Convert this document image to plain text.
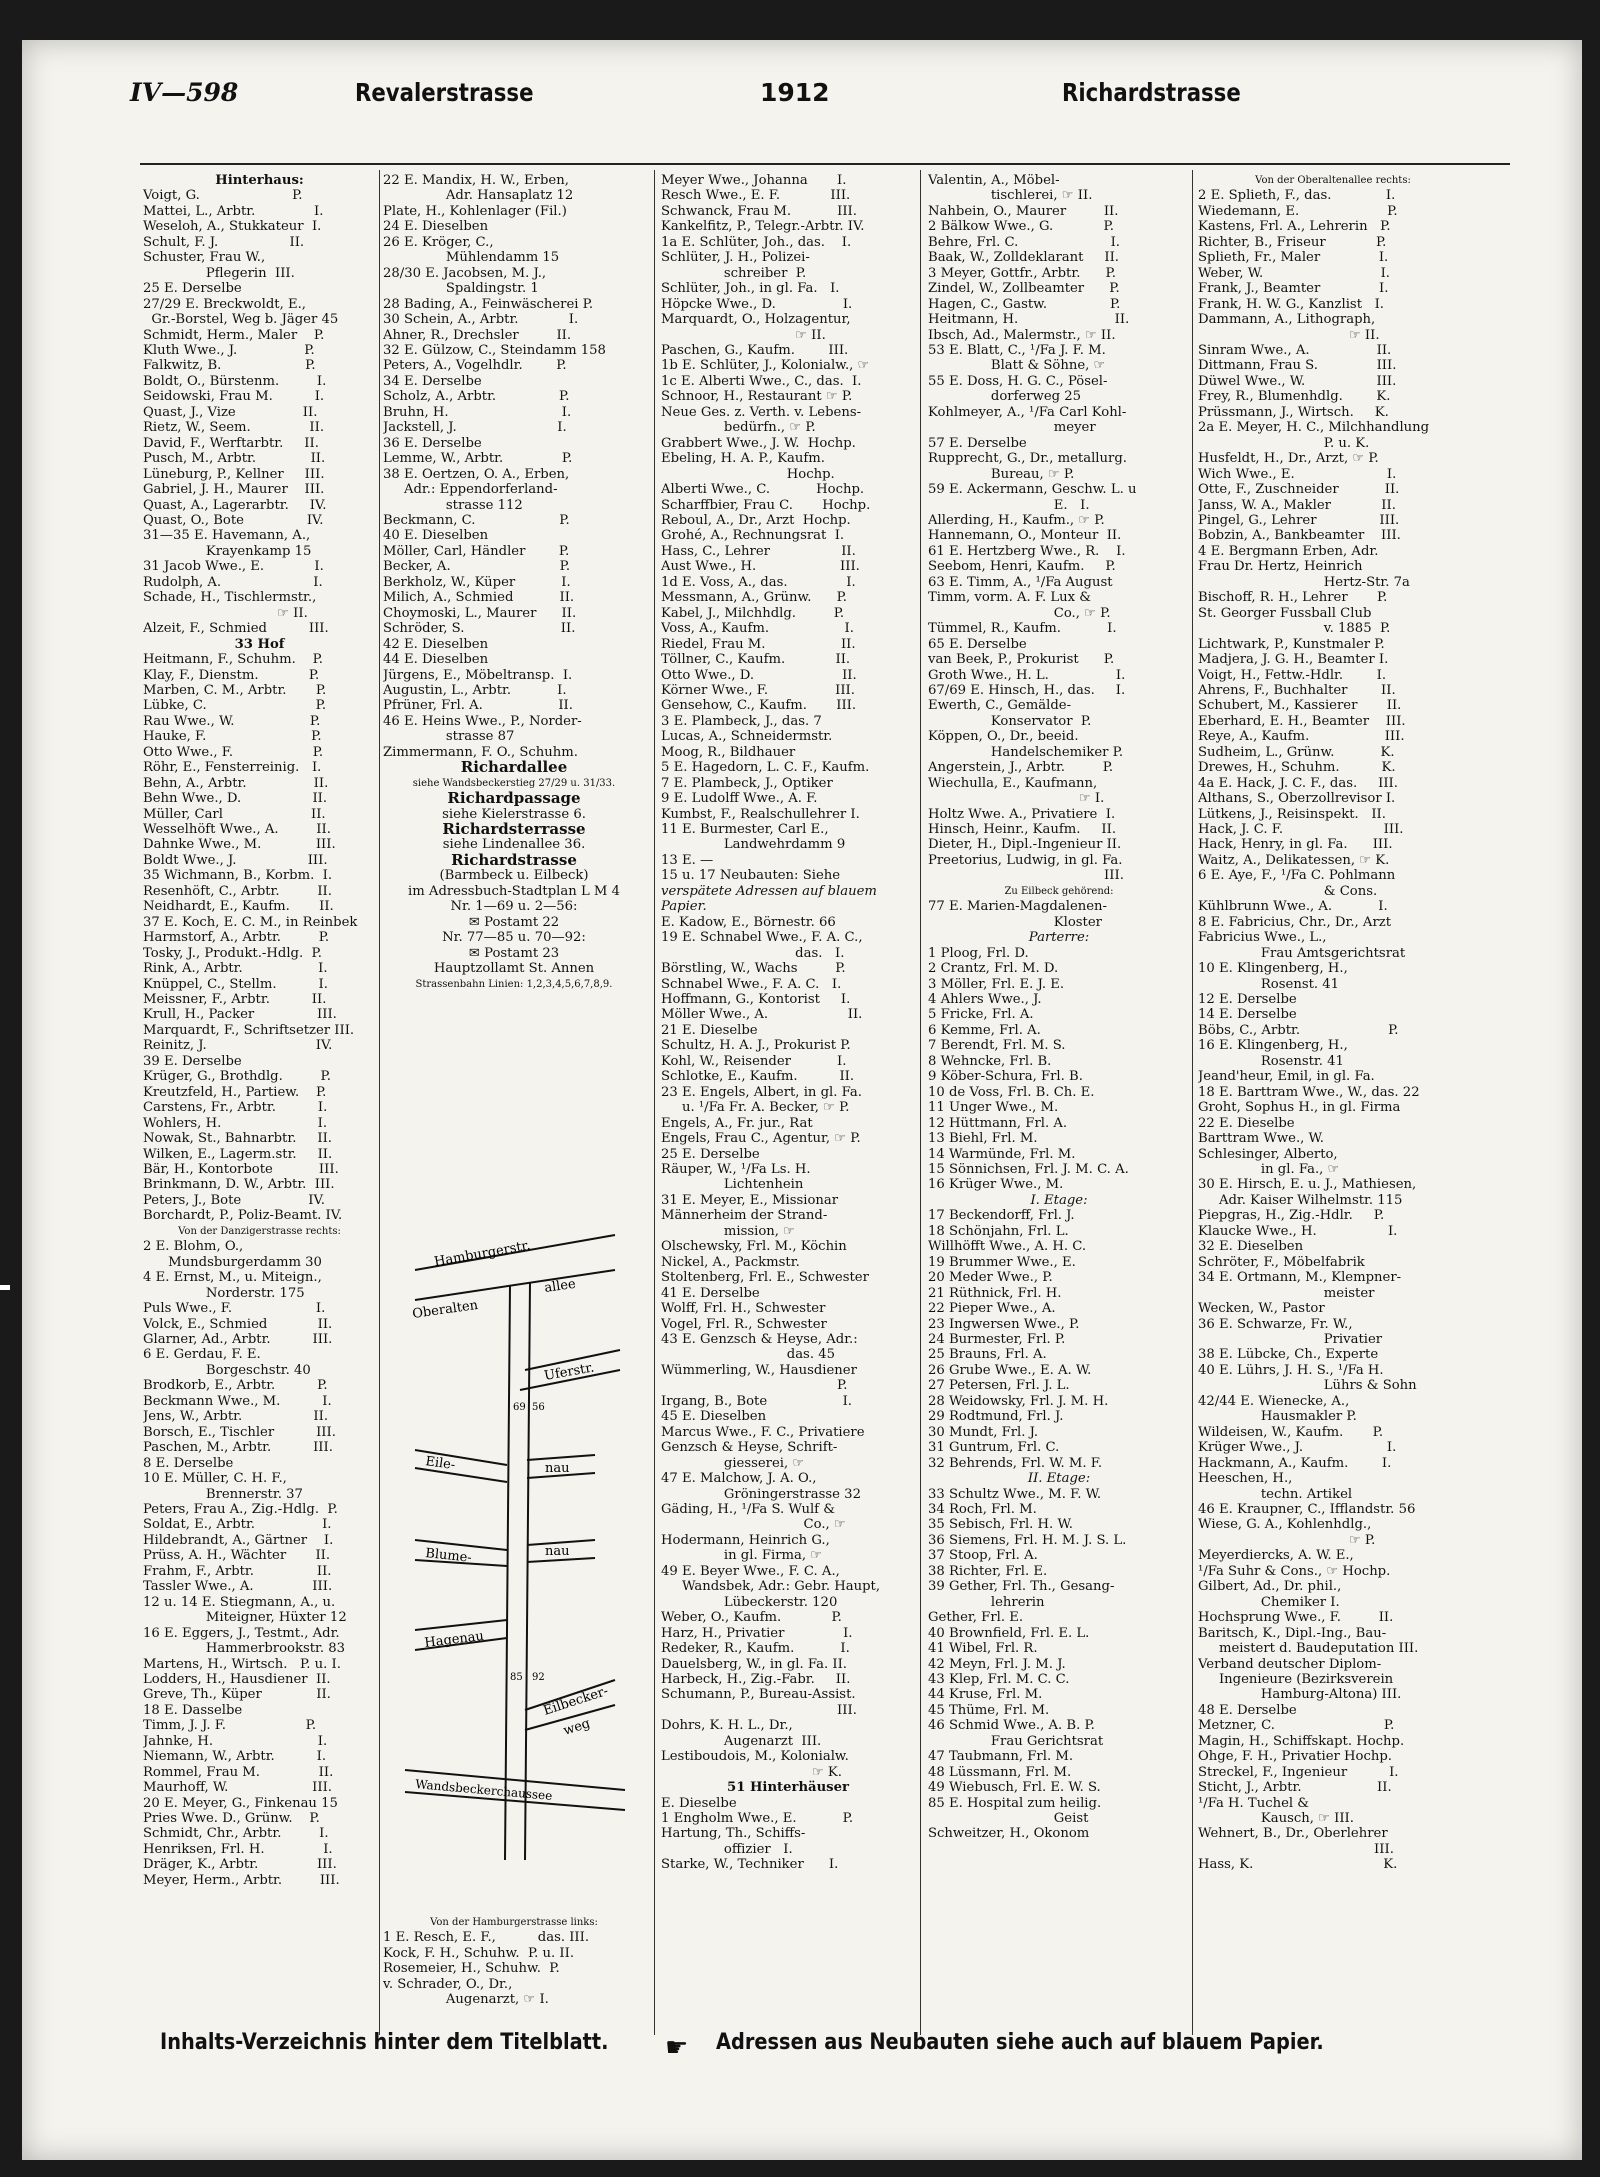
IV—598	Revalerstrasse	1912	Richardstrasse
Hinterhaus:
Voigt, G.                      P.
Mattei, L., Arbtr.              I.
Weseloh, A., Stukkateur  I.
Schult, F. J.                 II.
Schuster, Frau W.,
Pflegerin  III.
25 E. Derselbe
27/29 E. Breckwoldt, E.,
Gr.-Borstel, Weg b. Jäger 45
Schmidt, Herm., Maler    P.
Kluth Wwe., J.                P.
Falkwitz, B.                    P.
Boldt, O., Bürstenm.         I.
Seidowski, Frau M.          I.
Quast, J., Vize                II.
Rietz, W., Seem.              II.
David, F., Werftarbtr.     II.
Pusch, M., Arbtr.             II.
Lüneburg, P., Kellner     III.
Gabriel, J. H., Maurer    III.
Quast, A., Lagerarbtr.     IV.
Quast, O., Bote               IV.
31—35 E. Havemann, A.,
Krayenkamp 15
31 Jacob Wwe., E.            I.
Rudolph, A.                      I.
Schade, H., Tischlermstr.,
☞ II.
Alzeit, F., Schmied          III.
33 Hof
Heitmann, F., Schuhm.    P.
Klay, F., Dienstm.            P.
Marben, C. M., Arbtr.       P.
Lübke, C.                          P.
Rau Wwe., W.                  P.
Hauke, F.                         P.
Otto Wwe., F.                   P.
Röhr, E., Fensterreinig.   I.
Behn, A., Arbtr.                II.
Behn Wwe., D.                 II.
Müller, Carl                     II.
Wesselhöft Wwe., A.         II.
Dahnke Wwe., M.             III.
Boldt Wwe., J.                 III.
35 Wichmann, B., Korbm.  I.
Resenhöft, C., Arbtr.         II.
Neidhardt, E., Kaufm.       II.
37 E. Koch, E. C. M., in Reinbek
Harmstorf, A., Arbtr.         P.
Tosky, J., Produkt.-Hdlg.  P.
Rink, A., Arbtr.                  I.
Knüppel, C., Stellm.          I.
Meissner, F., Arbtr.          II.
Krull, H., Packer               III.
Marquardt, F., Schriftsetzer III.
Reinitz, J.                          IV.
39 E. Derselbe
Krüger, G., Brothdlg.         P.
Kreutzfeld, H., Partiew.    P.
Carstens, Fr., Arbtr.          I.
Wohlers, H.                       I.
Nowak, St., Bahnarbtr.     II.
Wilken, E., Lagerm.str.     II.
Bär, H., Kontorbote           III.
Brinkmann, D. W., Arbtr.  III.
Peters, J., Bote                IV.
Borchardt, P., Poliz-Beamt. IV.
Von der Danzigerstrasse rechts:
2 E. Blohm, O.,
Mundsburgerdamm 30
4 E. Ernst, M., u. Miteign.,
Norderstr. 175
Puls Wwe., F.                    I.
Volck, E., Schmied            II.
Glarner, Ad., Arbtr.          III.
6 E. Gerdau, F. E.
Borgeschstr. 40
Brodkorb, E., Arbtr.          P.
Beckmann Wwe., M.          I.
Jens, W., Arbtr.                 II.
Borsch, E., Tischler          III.
Paschen, M., Arbtr.          III.
8 E. Derselbe
10 E. Müller, C. H. F.,
Brennerstr. 37
Peters, Frau A., Zig.-Hdlg.  P.
Soldat, E., Arbtr.                I.
Hildebrandt, A., Gärtner    I.
Prüss, A. H., Wächter       II.
Frahm, F., Arbtr.               II.
Tassler Wwe., A.              III.
12 u. 14 E. Stiegmann, A., u.
Miteigner, Hüxter 12
16 E. Eggers, J., Testmt., Adr.
Hammerbrookstr. 83
Martens, H., Wirtsch.   P. u. I.
Lodders, H., Hausdiener  II.
Greve, Th., Küper             II.
18 E. Dasselbe
Timm, J. J. F.                   P.
Jahnke, H.                         I.
Niemann, W., Arbtr.          I.
Rommel, Frau M.              II.
Maurhoff, W.                    III.
20 E. Meyer, G., Finkenau 15
Pries Wwe. D., Grünw.    P.
Schmidt, Chr., Arbtr.         I.
Henriksen, Frl. H.              I.
Dräger, K., Arbtr.              III.
Meyer, Herm., Arbtr.         III.
22 E. Mandix, H. W., Erben,
Adr. Hansaplatz 12
Plate, H., Kohlenlager (Fil.)
24 E. Dieselben
26 E. Kröger, C.,
Mühlendamm 15
28/30 E. Jacobsen, M. J.,
Spaldingstr. 1
28 Bading, A., Feinwäscherei P.
30 Schein, A., Arbtr.            I.
Ahner, R., Drechsler         II.
32 E. Gülzow, C., Steindamm 158
Peters, A., Vogelhdlr.        P.
34 E. Derselbe
Scholz, A., Arbtr.               P.
Bruhn, H.                           I.
Jackstell, J.                        I.
36 E. Derselbe
Lemme, W., Arbtr.              P.
38 E. Oertzen, O. A., Erben,
Adr.: Eppendorferland-
strasse 112
Beckmann, C.                    P.
40 E. Dieselben
Möller, Carl, Händler        P.
Becker, A.                          P.
Berkholz, W., Küper           I.
Milich, A., Schmied           II.
Choymoski, L., Maurer      II.
Schröder, S.                       II.
42 E. Dieselben
44 E. Dieselben
Jürgens, E., Möbeltransp.  I.
Augustin, L., Arbtr.           I.
Pfrüner, Frl. A.                  II.
46 E. Heins Wwe., P., Norder-
strasse 87
Zimmermann, F. O., Schuhm.
Richardallee
siehe Wandsbeckerstieg 27/29 u. 31/33.
Richardpassage
siehe Kielerstrasse 6.
Richardsterrasse
siehe Lindenallee 36.
Richardstrasse
(Barmbeck u. Eilbeck)
im Adressbuch-Stadtplan L M 4
Nr. 1—69 u. 2—56:
✉ Postamt 22
Nr. 77—85 u. 70—92:
✉ Postamt 23
Hauptzollamt St. Annen
Strassenbahn Linien: 1,2,3,4,5,6,7,8,9.
Meyer Wwe., Johanna       I.
Resch Wwe., E. F.            III.
Schwanck, Frau M.           III.
Kankelfitz, P., Telegr.-Arbtr. IV.
1a E. Schlüter, Joh., das.    I.
Schlüter, J. H., Polizei-
schreiber  P.
Schlüter, Joh., in gl. Fa.   I.
Höpcke Wwe., D.                I.
Marquardt, O., Holzagentur,
☞ II.
Paschen, G., Kaufm.        III.
1b E. Schlüter, J., Kolonialw., ☞
1c E. Alberti Wwe., C., das.  I.
Schnoor, H., Restaurant ☞ P.
Neue Ges. z. Verth. v. Lebens-
bedürfn., ☞ P.
Grabbert Wwe., J. W.  Hochp.
Ebeling, H. A. P., Kaufm.
Hochp.
Alberti Wwe., C.           Hochp.
Scharffbier, Frau C.       Hochp.
Reboul, A., Dr., Arzt  Hochp.
Grohé, A., Rechnungsrat  I.
Hass, C., Lehrer                 II.
Aust Wwe., H.                    III.
1d E. Voss, A., das.              I.
Messmann, A., Grünw.      P.
Kabel, J., Milchhdlg.         P.
Voss, A., Kaufm.                  I.
Riedel, Frau M.                  II.
Töllner, C., Kaufm.            II.
Otto Wwe., D.                     II.
Körner Wwe., F.                III.
Gensehow, C., Kaufm.       III.
3 E. Plambeck, J., das. 7
Lucas, A., Schneidermstr.
Moog, R., Bildhauer
5 E. Hagedorn, L. C. F., Kaufm.
7 E. Plambeck, J., Optiker
9 E. Ludolff Wwe., A. F.
Kumbst, F., Realschullehrer I.
11 E. Burmester, Carl E.,
Landwehrdamm 9
13 E. —
15 u. 17 Neubauten: Siehe
verspätete Adressen auf blauem
Papier.
E. Kadow, E., Börnestr. 66
19 E. Schnabel Wwe., F. A. C.,
das.   I.
Börstling, W., Wachs         P.
Schnabel Wwe., F. A. C.   I.
Hoffmann, G., Kontorist     I.
Möller Wwe., A.                   II.
21 E. Dieselbe
Schultz, H. A. J., Prokurist P.
Kohl, W., Reisender           I.
Schlotke, E., Kaufm.          II.
23 E. Engels, Albert, in gl. Fa.
u. ¹/Fa Fr. A. Becker, ☞ P.
Engels, A., Fr. jur., Rat
Engels, Frau C., Agentur, ☞ P.
25 E. Derselbe
Räuper, W., ¹/Fa Ls. H.
Lichtenhein
31 E. Meyer, E., Missionar
Männerheim der Strand-
mission, ☞
Olschewsky, Frl. M., Köchin
Nickel, A., Packmstr.
Stoltenberg, Frl. E., Schwester
41 E. Derselbe
Wolff, Frl. H., Schwester
Vogel, Frl. R., Schwester
43 E. Genzsch & Heyse, Adr.:
das. 45
Wümmerling, W., Hausdiener
P.
Irgang, B., Bote                  I.
45 E. Dieselben
Marcus Wwe., F. C., Privatiere
Genzsch & Heyse, Schrift-
giesserei, ☞
47 E. Malchow, J. A. O.,
Gröningerstrasse 32
Gäding, H., ¹/Fa S. Wulf &
Co., ☞
Hodermann, Heinrich G.,
in gl. Firma, ☞
49 E. Beyer Wwe., F. C. A.,
Wandsbek, Adr.: Gebr. Haupt,
Lübeckerstr. 120
Weber, O., Kaufm.            P.
Harz, H., Privatier              I.
Redeker, R., Kaufm.           I.
Dauelsberg, W., in gl. Fa. II.
Harbeck, H., Zig.-Fabr.     II.
Schumann, P., Bureau-Assist.
III.
Dohrs, K. H. L., Dr.,
Augenarzt  III.
Lestiboudois, M., Kolonialw.
☞ K.
51 Hinterhäuser
E. Dieselbe
1 Engholm Wwe., E.           P.
Hartung, Th., Schiffs-
offizier   I.
Starke, W., Techniker      I.
Valentin, A., Möbel-
tischlerei, ☞ II.
Nahbein, O., Maurer         II.
2 Bälkow Wwe., G.            P.
Behre, Frl. C.                      I.
Baak, W., Zolldeklarant     II.
3 Meyer, Gottfr., Arbtr.      P.
Zindel, W., Zollbeamter      P.
Hagen, C., Gastw.               P.
Heitmann, H.                       II.
Ibsch, Ad., Malermstr., ☞ II.
53 E. Blatt, C., ¹/Fa J. F. M.
Blatt & Söhne, ☞
55 E. Doss, H. G. C., Pösel-
dorferweg 25
Kohlmeyer, A., ¹/Fa Carl Kohl-
meyer
57 E. Derselbe
Rupprecht, G., Dr., metallurg.
Bureau, ☞ P.
59 E. Ackermann, Geschw. L. u
E.   I.
Allerding, H., Kaufm., ☞ P.
Hannemann, O., Monteur  II.
61 E. Hertzberg Wwe., R.    I.
Seebom, Henri, Kaufm.     P.
63 E. Timm, A., ¹/Fa August
Timm, vorm. A. F. Lux &
Co., ☞ P.
Tümmel, R., Kaufm.           I.
65 E. Derselbe
van Beek, P., Prokurist      P.
Groth Wwe., H. L.                I.
67/69 E. Hinsch, H., das.     I.
Ewerth, C., Gemälde-
Konservator  P.
Köppen, O., Dr., beeid.
Handelschemiker P.
Angerstein, J., Arbtr.         P.
Wiechulla, E., Kaufmann,
☞ I.
Holtz Wwe. A., Privatiere  I.
Hinsch, Heinr., Kaufm.     II.
Dieter, H., Dipl.-Ingenieur II.
Preetorius, Ludwig, in gl. Fa.
III.
Zu Eilbeck gehörend:
77 E. Marien-Magdalenen-
Kloster
Parterre:
1 Ploog, Frl. D.
2 Crantz, Frl. M. D.
3 Möller, Frl. E. J. E.
4 Ahlers Wwe., J.
5 Fricke, Frl. A.
6 Kemme, Frl. A.
7 Berendt, Frl. M. S.
8 Wehncke, Frl. B.
9 Köber-Schura, Frl. B.
10 de Voss, Frl. B. Ch. E.
11 Unger Wwe., M.
12 Hüttmann, Frl. A.
13 Biehl, Frl. M.
14 Warmünde, Frl. M.
15 Sönnichsen, Frl. J. M. C. A.
16 Krüger Wwe., M.
I. Etage:
17 Beckendorff, Frl. J.
18 Schönjahn, Frl. L.
Willhöfft Wwe., A. H. C.
19 Brummer Wwe., E.
20 Meder Wwe., P.
21 Rüthnick, Frl. H.
22 Pieper Wwe., A.
23 Ingwersen Wwe., P.
24 Burmester, Frl. P.
25 Brauns, Frl. A.
26 Grube Wwe., E. A. W.
27 Petersen, Frl. J. L.
28 Weidowsky, Frl. J. M. H.
29 Rodtmund, Frl. J.
30 Mundt, Frl. J.
31 Guntrum, Frl. C.
32 Behrends, Frl. W. M. F.
II. Etage:
33 Schultz Wwe., M. F. W.
34 Roch, Frl. M.
35 Sebisch, Frl. H. W.
36 Siemens, Frl. H. M. J. S. L.
37 Stoop, Frl. A.
38 Richter, Frl. E.
39 Gether, Frl. Th., Gesang-
lehrerin
Gether, Frl. E.
40 Brownfield, Frl. E. L.
41 Wibel, Frl. R.
42 Meyn, Frl. J. M. J.
43 Klep, Frl. M. C. C.
44 Kruse, Frl. M.
45 Thüme, Frl. M.
46 Schmid Wwe., A. B. P.
Frau Gerichtsrat
47 Taubmann, Frl. M.
48 Lüssmann, Frl. M.
49 Wiebusch, Frl. E. W. S.
85 E. Hospital zum heilig.
Geist
Schweitzer, H., Ökonom
Von der Oberaltenallee rechts:
2 E. Splieth, F., das.             I.
Wiedemann, E.                     P.
Kastens, Frl. A., Lehrerin   P.
Richter, B., Friseur            P.
Splieth, Fr., Maler              I.
Weber, W.                            I.
Frank, J., Beamter              I.
Frank, H. W. G., Kanzlist   I.
Dammann, A., Lithograph,
☞ II.
Sinram Wwe., A.                II.
Dittmann, Frau S.              III.
Düwel Wwe., W.                 III.
Frey, R., Blumenhdlg.        K.
Prüssmann, J., Wirtsch.     K.
2a E. Meyer, H. C., Milchhandlung
P. u. K.
Husfeldt, H., Dr., Arzt, ☞ P.
Wich Wwe., E.                      I.
Otte, F., Zuschneider           II.
Janss, W. A., Makler            II.
Pingel, G., Lehrer               III.
Bobzin, A., Bankbeamter    III.
4 E. Bergmann Erben, Adr.
Frau Dr. Hertz, Heinrich
Hertz-Str. 7a
Bischoff, R. H., Lehrer       P.
St. Georger Fussball Club
v. 1885  P.
Lichtwark, P., Kunstmaler P.
Madjera, J. G. H., Beamter I.
Voigt, H., Fettw.-Hdlr.        I.
Ahrens, F., Buchhalter        II.
Schubert, M., Kassierer       II.
Eberhard, E. H., Beamter    III.
Reye, A., Kaufm.                  III.
Sudheim, L., Grünw.           K.
Drewes, H., Schuhm.          K.
4a E. Hack, J. C. F., das.     III.
Althans, S., Oberzollrevisor I.
Lütkens, J., Reisinspekt.   II.
Hack, J. C. F.                        III.
Hack, Henry, in gl. Fa.      III.
Waitz, A., Delikatessen, ☞ K.
6 E. Aye, F., ¹/Fa C. Pohlmann
& Cons.
Kühlbrunn Wwe., A.           I.
8 E. Fabricius, Chr., Dr., Arzt
Fabricius Wwe., L.,
Frau Amtsgerichtsrat
10 E. Klingenberg, H.,
Rosenst. 41
12 E. Derselbe
14 E. Derselbe
Böbs, C., Arbtr.                     P.
16 E. Klingenberg, H.,
Rosenstr. 41
Jeand'heur, Emil, in gl. Fa.
18 E. Barttram Wwe., W., das. 22
Groht, Sophus H., in gl. Firma
22 E. Dieselbe
Barttram Wwe., W.
Schlesinger, Alberto,
in gl. Fa., ☞
30 E. Hirsch, E. u. J., Mathiesen,
Adr. Kaiser Wilhelmstr. 115
Piepgras, H., Zig.-Hdlr.     P.
Klaucke Wwe., H.                 I.
32 E. Dieselben
Schröter, F., Möbelfabrik
34 E. Ortmann, M., Klempner-
meister
Wecken, W., Pastor
36 E. Schwarze, Fr. W.,
Privatier
38 E. Lübcke, Ch., Experte
40 E. Lührs, J. H. S., ¹/Fa H.
Lührs & Sohn
42/44 E. Wienecke, A.,
Hausmakler P.
Wildeisen, W., Kaufm.       P.
Krüger Wwe., J.                    I.
Hackmann, A., Kaufm.        I.
Heeschen, H.,
techn. Artikel
46 E. Kraupner, C., Ifflandstr. 56
Wiese, G. A., Kohlenhdlg.,
☞ P.
Meyerdiercks, A. W. E.,
¹/Fa Suhr & Cons., ☞ Hochp.
Gilbert, Ad., Dr. phil.,
Chemiker I.
Hochsprung Wwe., F.         II.
Baritsch, K., Dipl.-Ing., Bau-
meistert d. Baudeputation III.
Verband deutscher Diplom-
Ingenieure (Bezirksverein
Hamburg-Altona) III.
48 E. Derselbe
Metzner, C.                          P.
Magin, H., Schiffskapt. Hochp.
Ohge, F. H., Privatier Hochp.
Streckel, F., Ingenieur          I.
Sticht, J., Arbtr.                  II.
¹/Fa H. Tuchel &
Kausch, ☞ III.
Wehnert, B., Dr., Oberlehrer
III.
Hass, K.                               K.
Hamburgerstr.
Oberalten
allee
Uferstr.
Eile-	nau
Blume-	nau
Hagenau
Eilbecker-
weg
Wandsbeckerchaussee
69
85
56
92
Von der Hamburgerstrasse links:
1 E. Resch, E. F.,          das. III.
Kock, F. H., Schuhw.  P. u. II.
Rosemeier, H., Schuhw.  P.
v. Schrader, O., Dr.,
Augenarzt, ☞ I.
Inhalts-Verzeichnis hinter dem Titelblatt. ☛ Adressen aus Neubauten siehe auch auf blauem Papier.
